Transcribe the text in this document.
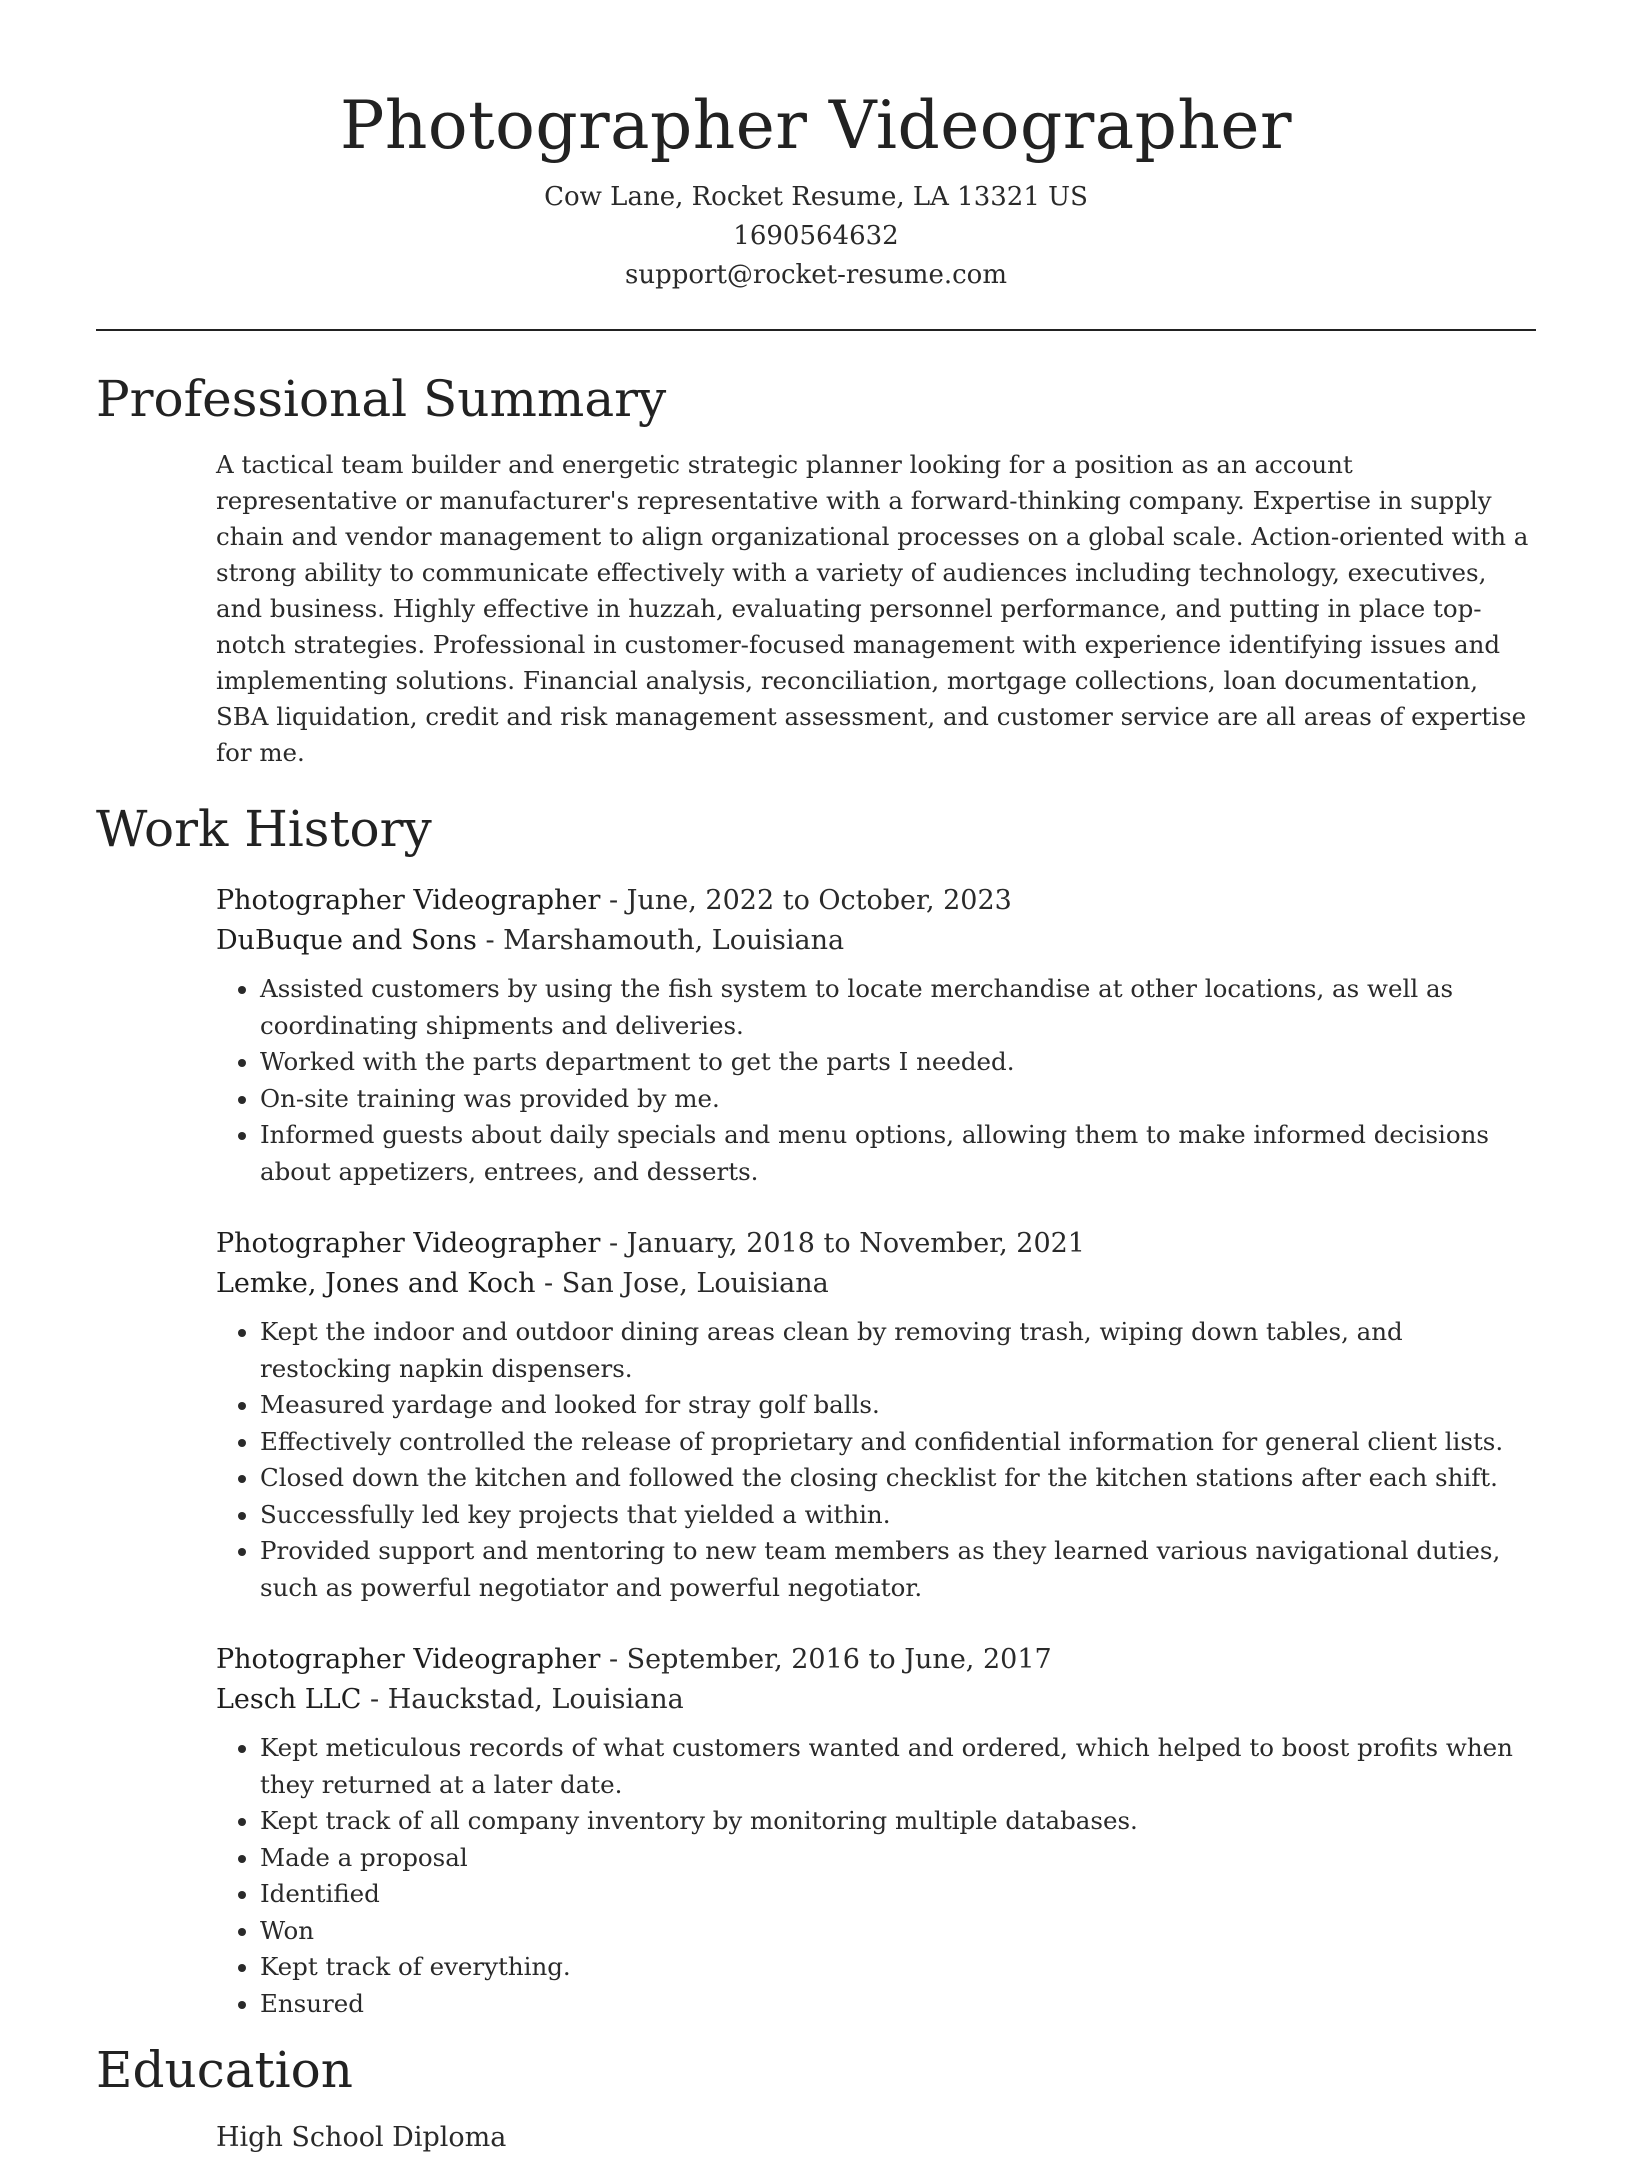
Photographer Videographer
Cow Lane, Rocket Resume, LA 13321 US
1690564632
support@rocket-resume.com
Professional Summary

A tactical team builder and energetic strategic planner looking for a position as an account representative or manufacturer's representative with a forward-thinking company. Expertise in supply chain and vendor management to align organizational processes on a global scale. Action-oriented with a strong ability to communicate effectively with a variety of audiences including technology, executives, and business. Highly effective in huzzah, evaluating personnel performance, and putting in place top-notch strategies. Professional in customer-focused management with experience identifying issues and implementing solutions. Financial analysis, reconciliation, mortgage collections, loan documentation, SBA liquidation, credit and risk management assessment, and customer service are all areas of expertise for me.

Work History
Photographer Videographer - June, 2022 to October, 2023
DuBuque and Sons - Marshamouth, Louisiana
• Assisted customers by using the fish system to locate merchandise at other locations, as well as coordinating shipments and deliveries.
• Worked with the parts department to get the parts I needed.
• On-site training was provided by me.
• Informed guests about daily specials and menu options, allowing them to make informed decisions about appetizers, entrees, and desserts.
Photographer Videographer - January, 2018 to November, 2021
Lemke, Jones and Koch - San Jose, Louisiana
• Kept the indoor and outdoor dining areas clean by removing trash, wiping down tables, and restocking napkin dispensers.
• Measured yardage and looked for stray golf balls.
• Effectively controlled the release of proprietary and confidential information for general client lists.
• Closed down the kitchen and followed the closing checklist for the kitchen stations after each shift.
• Successfully led key projects that yielded a within.
• Provided support and mentoring to new team members as they learned various navigational duties, such as powerful negotiator and powerful negotiator.
Photographer Videographer - September, 2016 to June, 2017
Lesch LLC - Hauckstad, Louisiana
• Kept meticulous records of what customers wanted and ordered, which helped to boost profits when they returned at a later date.
• Kept track of all company inventory by monitoring multiple databases.
• Made a proposal
• Identified
• Won
• Kept track of everything.
• Ensured
Education
High School Diploma
